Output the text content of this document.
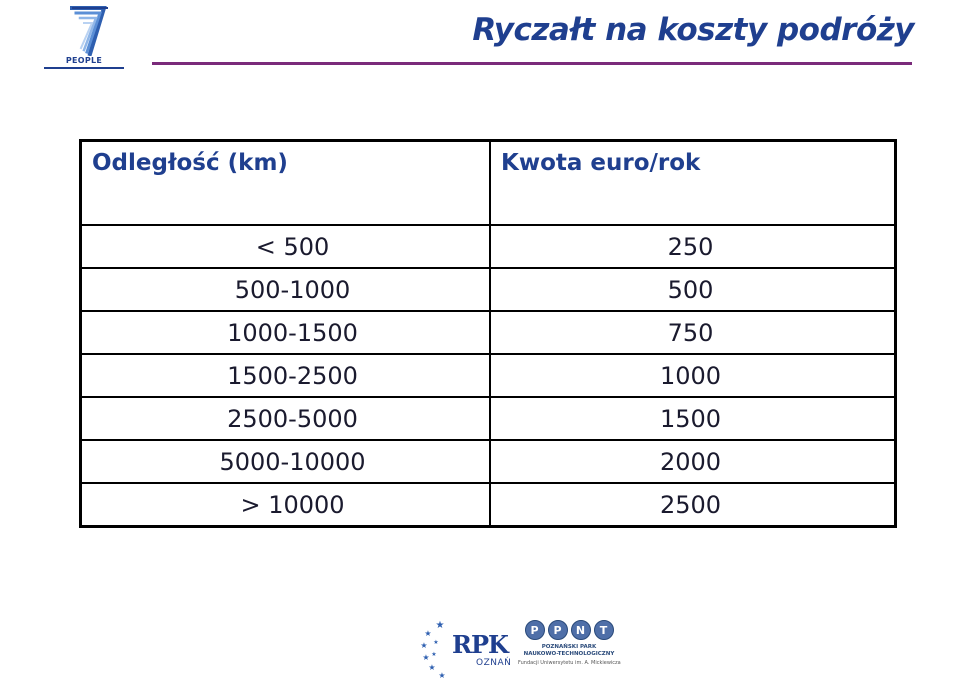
PEOPLE
Ryczałt na koszty podróży
Odległość (km)	Kwota euro/rok
< 500	250
500-1000	500
1000-1500	750
1500-2500	1000
2500-5000	1500
5000-10000	2000
> 10000	2500
★
★
★
★
★
★
★
★ RPK
OZNAŃ
P	P	N	T
POZNAŃSKI PARK
NAUKOWO-TECHNOLOGICZNY
Fundacji Uniwersytetu im. A. Mickiewicza
